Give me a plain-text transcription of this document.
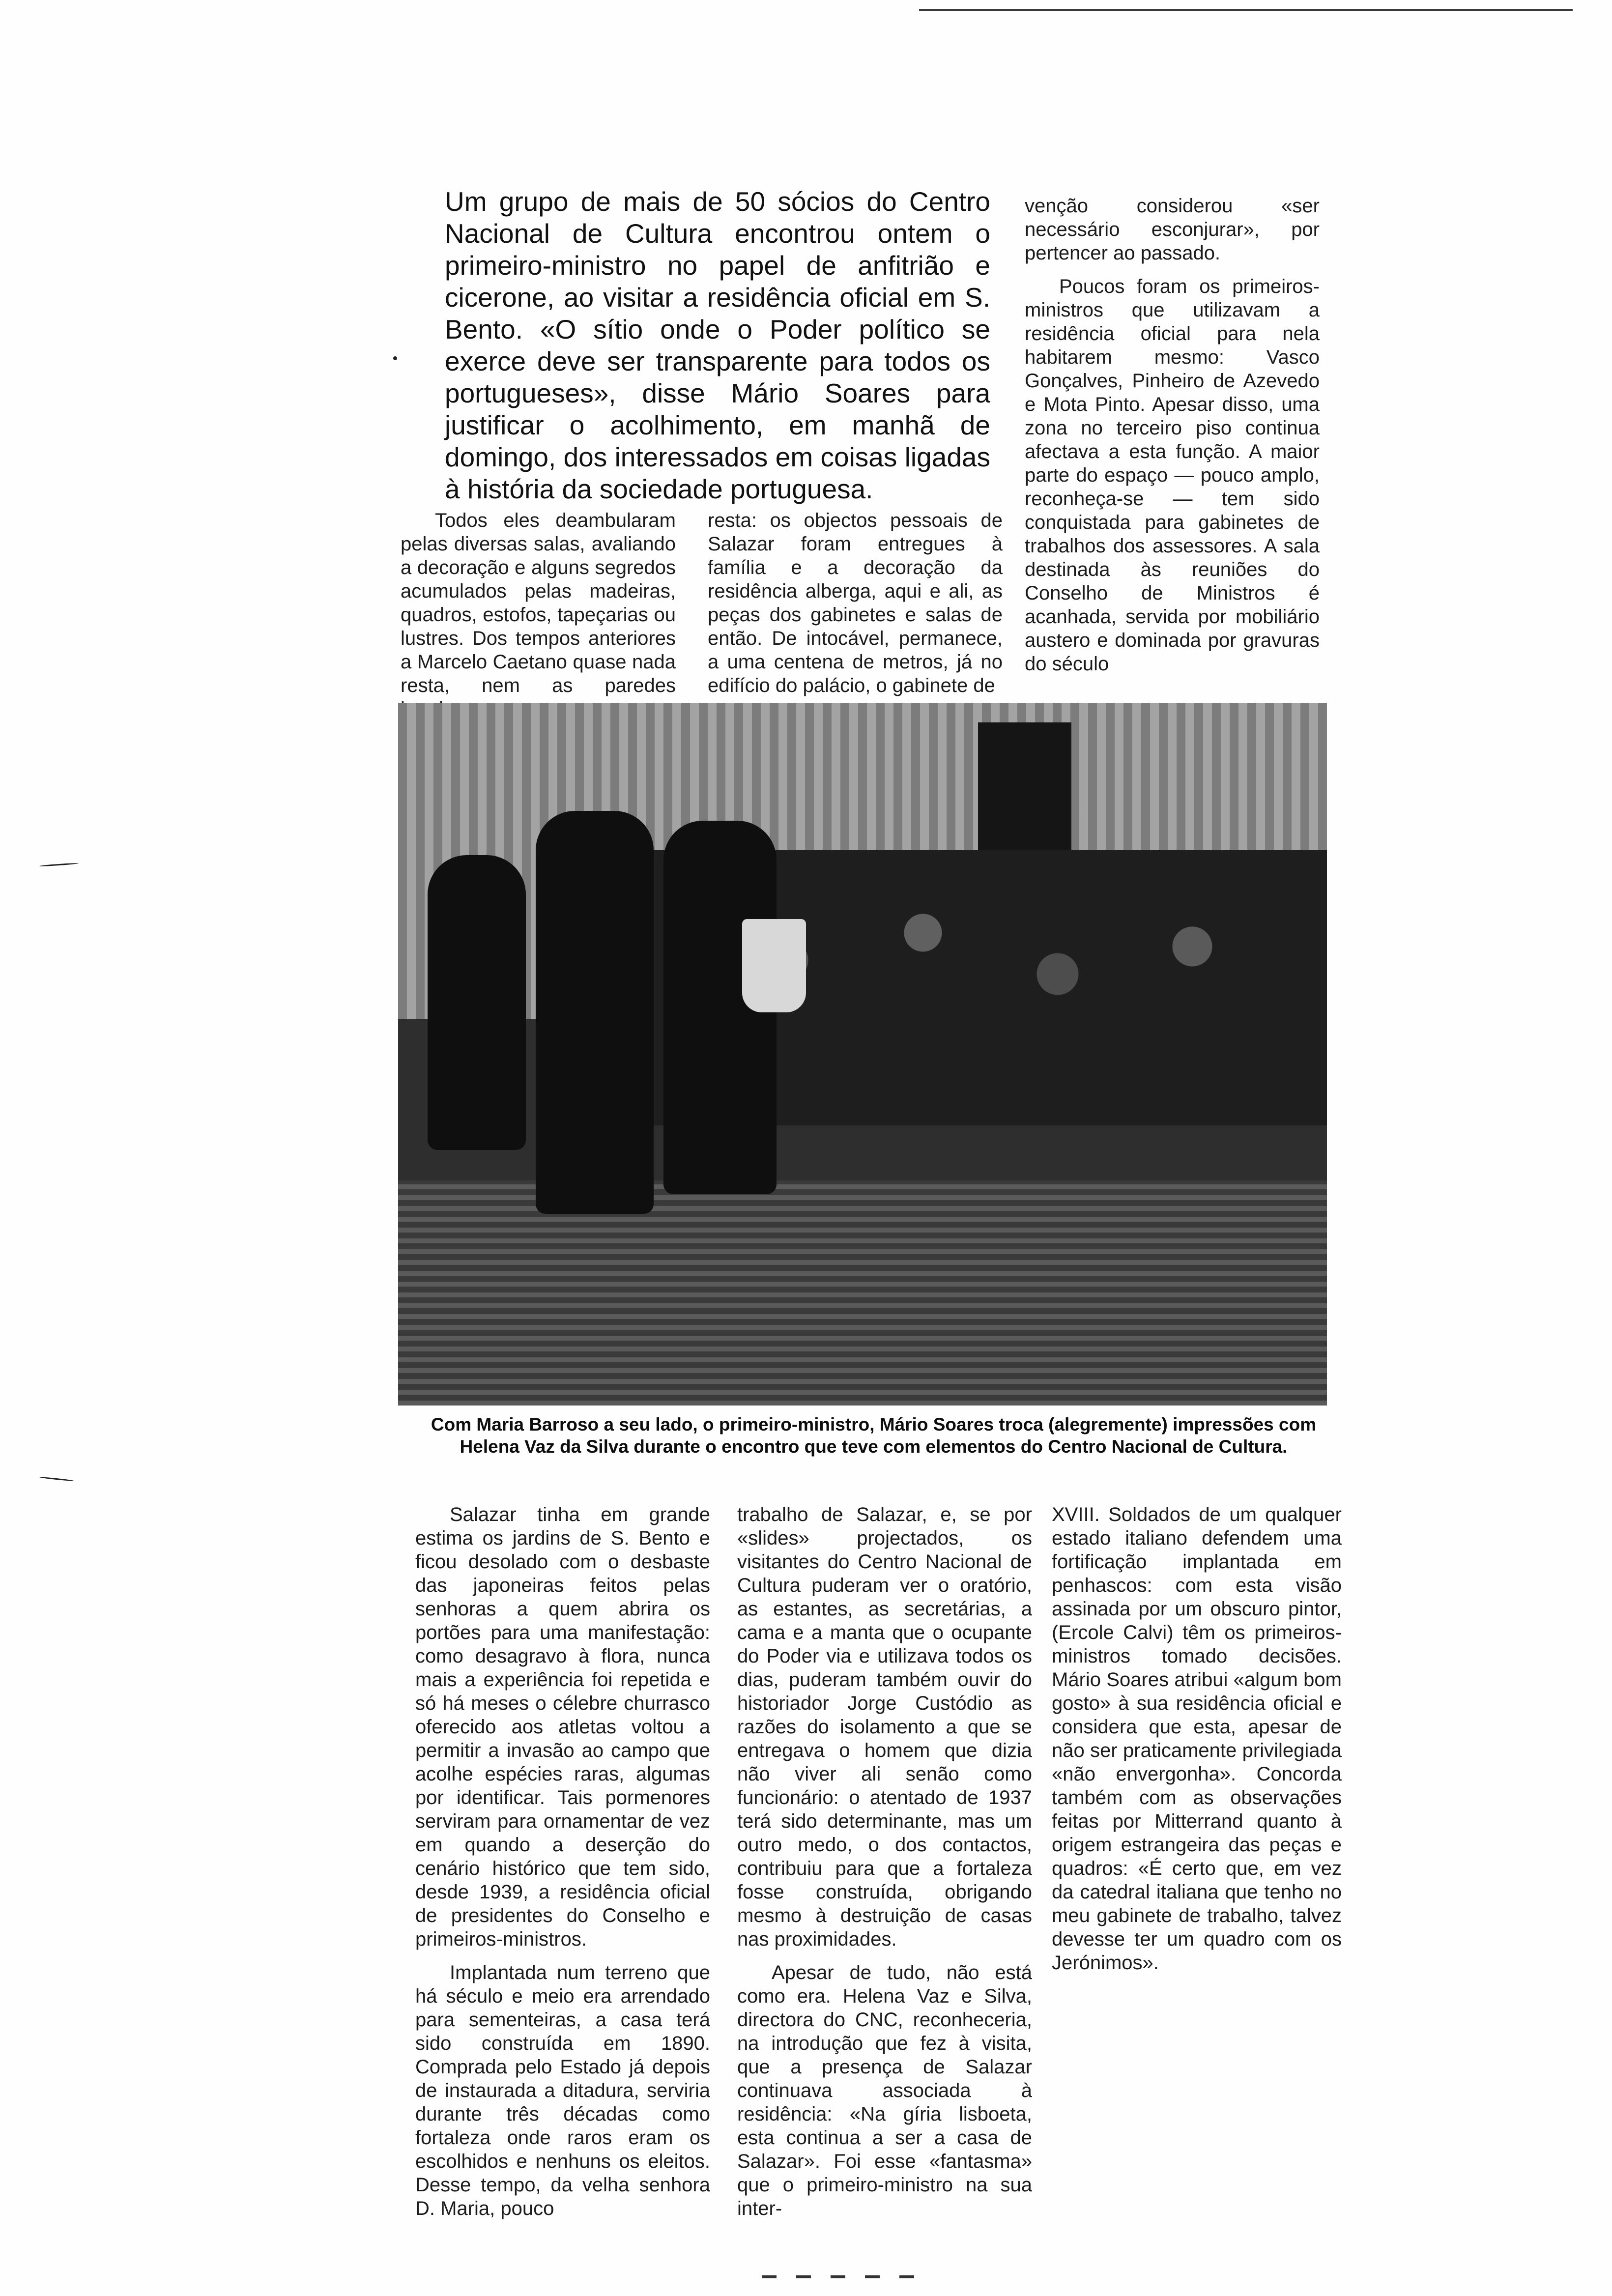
Um grupo de mais de 50 sócios do Centro Nacional de Cultura encontrou ontem o primeiro-ministro no papel de anfitrião e cicerone, ao visitar a residência oficial em S. Bento. «O sítio onde o Poder político se exerce deve ser transparente para todos os portugueses», disse Mário Soares para justificar o acolhimento, em manhã de domingo, dos interessados em coisas ligadas à história da sociedade portuguesa.

venção considerou «ser necessário esconjurar», por pertencer ao passado.

Poucos foram os primeiros-ministros que utilizavam a residência oficial para nela habitarem mesmo: Vasco Gonçalves, Pinheiro de Azevedo e Mota Pinto. Apesar disso, uma zona no terceiro piso continua afectava a esta função. A maior parte do espaço — pouco amplo, reconheça-se — tem sido conquistada para gabinetes de trabalhos dos assessores. A sala destinada às reuniões do Conselho de Ministros é acanhada, servida por mobiliário austero e dominada por gravuras do século

Todos eles deambularam pelas diversas salas, avaliando a decoração e alguns segredos acumulados pelas madeiras, quadros, estofos, tapeçarias ou lustres. Dos tempos anteriores a Marcelo Caetano quase nada resta, nem as paredes

resta: os objectos pessoais de Salazar foram entregues à família e a decoração da residência alberga, aqui e ali, as peças dos gabinetes e salas de então. De intocável, permanece, a uma centena de metros, já no edifício do palácio, o gabinete de

Com Maria Barroso a seu lado, o primeiro-ministro, Mário Soares troca (alegremente) impressões com Helena Vaz da Silva durante o encontro que teve com elementos do Centro Nacional de Cultura.

Salazar tinha em grande estima os jardins de S. Bento e ficou desolado com o desbaste das japoneiras feitos pelas senhoras a quem abrira os portões para uma manifestação: como desagravo à flora, nunca mais a experiência foi repetida e só há meses o célebre churrasco oferecido aos atletas voltou a permitir a invasão ao campo que acolhe espécies raras, algumas por identificar. Tais pormenores serviram para ornamentar de vez em quando a deserção do cenário histórico que tem sido, desde 1939, a residência oficial de presidentes do Conselho e primeiros-ministros.

Implantada num terreno que há século e meio era arrendado para sementeiras, a casa terá sido construída em 1890. Comprada pelo Estado já depois de instaurada a ditadura, serviria durante três décadas como fortaleza onde raros eram os escolhidos e nenhuns os eleitos. Desse tempo, da velha senhora D. Maria, pouco

trabalho de Salazar, e, se por «slides» projectados, os visitantes do Centro Nacional de Cultura puderam ver o oratório, as estantes, as secretárias, a cama e a manta que o ocupante do Poder via e utilizava todos os dias, puderam também ouvir do historiador Jorge Custódio as razões do isolamento a que se entregava o homem que dizia não viver ali senão como funcionário: o atentado de 1937 terá sido determinante, mas um outro medo, o dos contactos, contribuiu para que a fortaleza fosse construída, obrigando mesmo à destruição de casas nas proximidades.

Apesar de tudo, não está como era. Helena Vaz e Silva, directora do CNC, reconheceria, na introdução que fez à visita, que a presença de Salazar continuava associada à residência: «Na gíria lisboeta, esta continua a ser a casa de Salazar». Foi esse «fantasma» que o primeiro-ministro na sua inter-

XVIII. Soldados de um qualquer estado italiano defendem uma fortificação implantada em penhascos: com esta visão assinada por um obscuro pintor, (Ercole Calvi) têm os primeiros-ministros tomado decisões. Mário Soares atribui «algum bom gosto» à sua residência oficial e considera que esta, apesar de não ser praticamente privilegiada «não envergonha». Concorda também com as observações feitas por Mitterrand quanto à origem estrangeira das peças e quadros: «É certo que, em vez da catedral italiana que tenho no meu gabinete de trabalho, talvez devesse ter um quadro com os Jerónimos».
